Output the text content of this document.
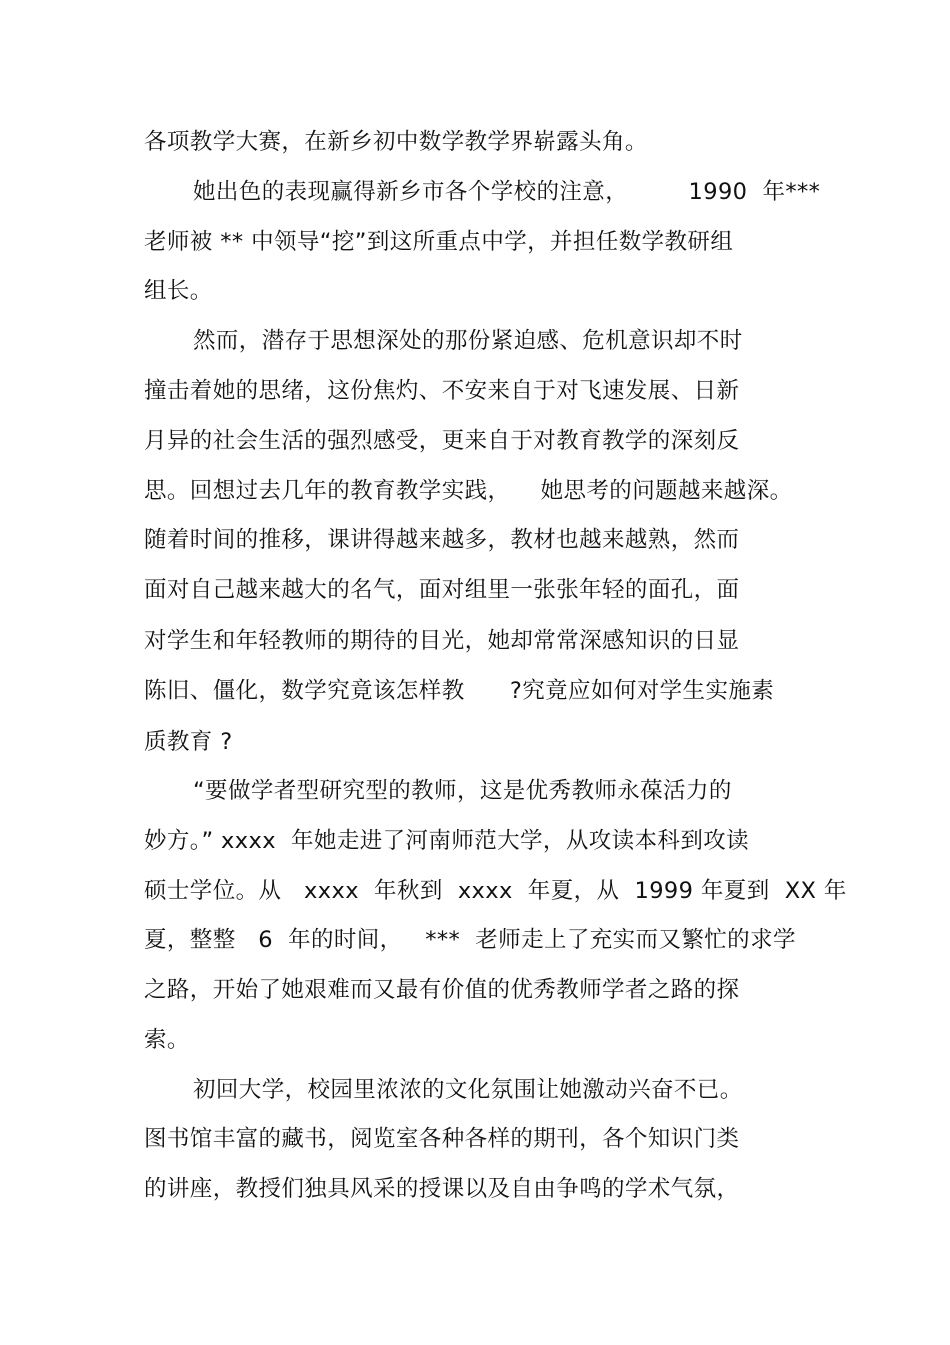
各项教学大赛，在新乡初中数学教学界崭露头角。
她出色的表现赢得新乡市各个学校的注意，        1990  年***
老师被 ** 中领导“挖”到这所重点中学，并担任数学教研组
组长。
然而，潜存于思想深处的那份紧迫感、危机意识却不时
撞击着她的思绪，这份焦灼、不安来自于对飞速发展、日新
月异的社会生活的强烈感受，更来自于对教育教学的深刻反
思。回想过去几年的教育教学实践，    她思考的问题越来越深。
随着时间的推移，课讲得越来越多，教材也越来越熟，然而
面对自己越来越大的名气，面对组里一张张年轻的面孔，面
对学生和年轻教师的期待的目光，她却常常深感知识的日显
陈旧、僵化，数学究竟该怎样教      ?究竟应如何对学生实施素
质教育 ?
“要做学者型研究型的教师，这是优秀教师永葆活力的
妙方。” xxxx  年她走进了河南师范大学，从攻读本科到攻读
硕士学位。从   xxxx  年秋到  xxxx  年夏，从  1999 年夏到  XX 年
夏，整整   6  年的时间，   ***  老师走上了充实而又繁忙的求学
之路，开始了她艰难而又最有价值的优秀教师学者之路的探
索。
初回大学，校园里浓浓的文化氛围让她激动兴奋不已。
图书馆丰富的藏书，阅览室各种各样的期刊，各个知识门类
的讲座，教授们独具风采的授课以及自由争鸣的学术气氛，
